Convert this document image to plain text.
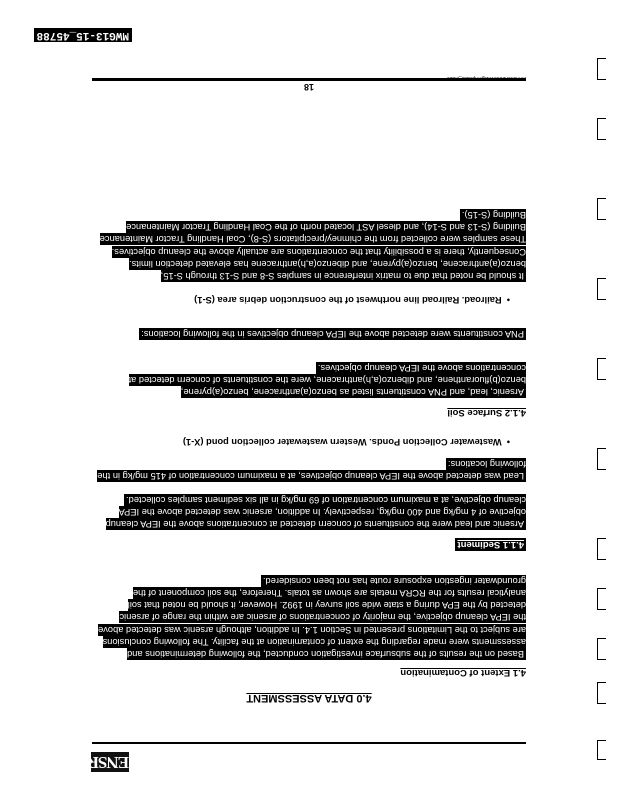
ENSR
4.0 DATA ASSESSMENT
4.1 Extent of Contamination
Based on the results of the subsurface investigation conducted, the following determinations and assessments were made regarding the extent of contamination at the facility. The following conclusions are subject to the Limitations presented in Section 1.4. In addition, although arsenic was detected above the IEPA cleanup objective, the majority of concentrations of arsenic are within the range of arsenic detected by the EPA during a state wide soil survey in 1992. However, it should be noted that soil analytical results for the RCRA metals are shown as totals. Therefore, the soil component of the groundwater ingestion exposure route has not been considered.
4.1.1 Sediment
Arsenic and lead were the constituents of concern detected at concentrations above the IEPA cleanup objective of 4 mg/kg and 400 mg/kg, respectively. In addition, arsenic was detected above the IEPA cleanup objective, at a maximum concentration of 69 mg/kg in all six sediment samples collected.
Lead was detected above the IEPA cleanup objectives, at a maximum concentration of 415 mg/kg in the following locations:
•  Wastewater Collection Ponds. Western wastewater collection pond (X-1)
4.1.2 Surface Soil
Arsenic, lead, and PNA constituents listed as benzo(a)anthracene, benzo(a)pyrene, benzo(b)fluoranthene, and dibenzo(a,h)anthracene, were the constituents of concern detected at concentrations above the IEPA cleanup objectives.
PNA constituents were detected above the IEPA cleanup objectives in the following locations:
•  Railroad. Railroad line northwest of the construction debris area (S-1)
It should be noted that due to matrix interference in samples S-8 and S-13 through S-15, benzo(a)anthracene, benzo(a)pyrene, and dibenzo(a,h)anthracene has elevated detection limits. Consequently, there is a possibility that the concentrations are actually above the cleanup objectives. These samples were collected from the chimney/precipitators (S-8), Coal Handling Tractor Maintenance Building (S-13 and S-14), and diesel AST located north of the Coal Handling Tractor Maintenance Building (S-15).
18
t:\...\ensr\2000\mwg\...\phase_ii.doc
MWG13-15_45788
